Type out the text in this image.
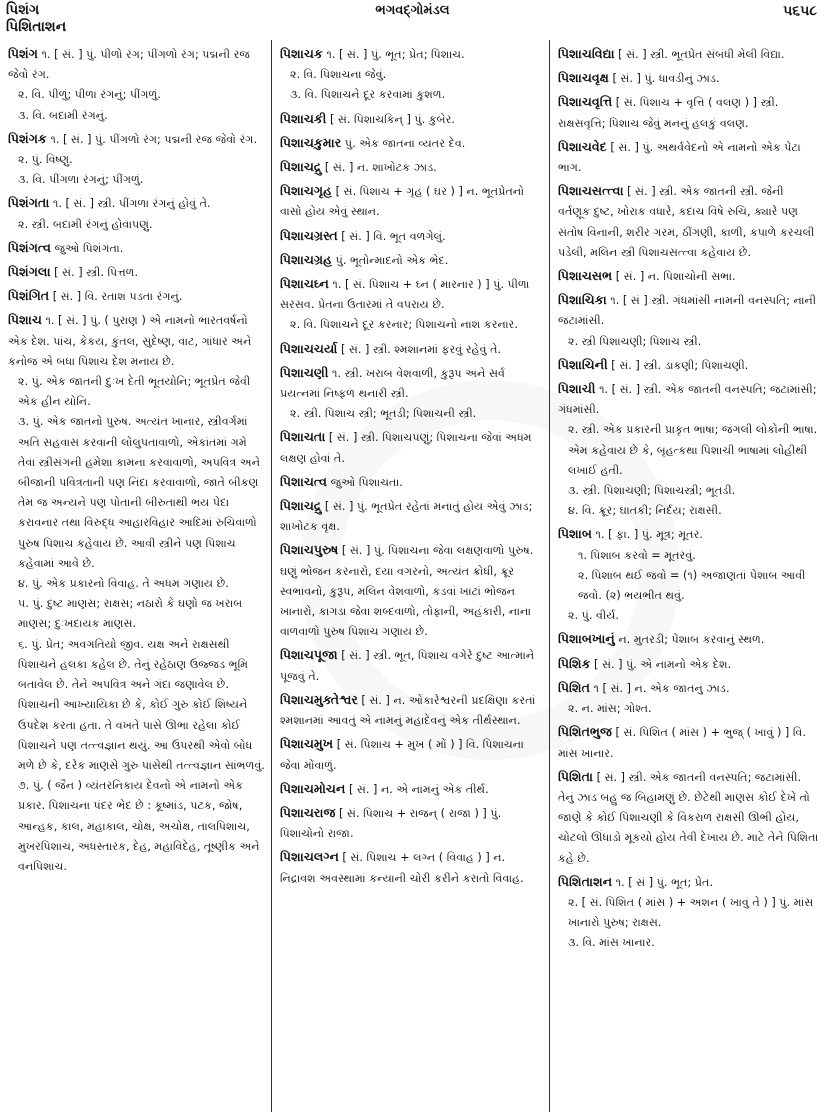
પિશંગ
પિશિતાશન
ભગવદ્ગોમંડલ	૫૬૫૮
પિશંગ ૧. [ સં. ] પું. પીળો રંગ; પીંગળો રંગ; પદ્મની રજ જેવો રંગ.
૨. વિ. પીળું; પીળા રંગનું; પીંગળું.
૩. વિ. બદામી રંગનું.
પિશંગક ૧. [ સં. ] પું. પીંગળો રંગ; પદ્મની રજ જેવો રંગ.
૨. પું. વિષ્ણુ.
૩. વિ. પીંગળા રંગનું; પીંગળું.
પિશંગતા ૧. [ સં. ] સ્ત્રી. પીંગળા રંગનું હોવું તે.
૨. સ્ત્રી. બદામી રંગનું હોવાપણું.
પિશંગત્વ જુઓ પિશંગતા.
પિશંગલા [ સં. ] સ્ત્રી. પિત્તળ.
પિશંગિત [ સં. ] વિ. રતાશ પડતા રંગનું.
પિશાચ ૧. [ સં. ] પું. ( પુરાણ ) એ નામનો ભારતવર્ષનો એક દેશ. પાંચ, કેકય, કુંતલ, સુદેષ્ણ, વાટ, ગાંધાર અને કનોજ એ બધા પિશાચ દેશ મનાય છે.
૨. પું. એક જાતની દુઃખ દેતી ભૂતયોનિ; ભૂતપ્રેત જેવી એક હીન યોનિ.
૩. પું. એક જાતનો પુરુષ. અત્યંત ખાનાર, સ્ત્રીવર્ગમાં અતિ સહવાસ કરવાની લોલુપતાવાળો, એકાંતમાં ગમે તેવા સ્ત્રીસંગની હમેશા કામના કરવાવાળો, અપવિત્ર અને બીજાની પવિત્રતાની પણ નિંદા કરવાવાળો, જાતે બીકણ તેમ જ અન્યને પણ પોતાની બીરુતાથી ભય પેદા કરાવનાર તથા વિરુદ્ધ આહારવિહાર આદિમાં રુચિવાળો પુરુષ પિશાચ કહેવાય છે. આવી સ્ત્રીને પણ પિશાચ કહેવામાં આવે છે.
૪. પું. એક પ્રકારનો વિવાહ. તે અધમ ગણાય છે.
૫. પું. દુષ્ટ માણસ; રાક્ષસ; નઠારો કે ઘણો જ ખરાબ માણસ; દુઃખદાયક માણસ.
૬. પું. પ્રેત; અવગતિયો જીવ. યક્ષ અને રાક્ષસથી પિશાચને હલકા કહેલ છે. તેનું રહેઠાણ ઉજ્જડ ભૂમિ બતાવેલ છે. તેને અપવિત્ર અને ગંદા જણાવેલ છે. પિશાચની આખ્યાયિકા છે કે, કોઈ ગુરુ કોઈ શિષ્યને ઉપદેશ કરતા હતા. તે વખતે પાસે ઊભા રહેલા કોઈ પિશાચને પણ તત્ત્વજ્ઞાન થયું. આ ઉપરથી એવો બોધ મળે છે કે, દરેક માણસે ગુરુ પાસેથી તત્ત્વજ્ઞાન સાંભળવું.
૭. પું. ( જૈન ) વ્યંતરનિકાય દેવનો એ નામનો એક પ્રકાર. પિશાચના પંદર ભેદ છે : કૂષ્માંડ, પટક, જોષ, આન્હક, કાલ, મહાકાલ, ચોક્ષ, અચોક્ષ, તાલપિશાચ, મુખરપિશાચ, અધસ્તારક, દેહ, મહાવિદેહ, તૂષ્ણીક અને વનપિશાચ.
પિશાચક ૧. [ સં. ] પું. ભૂત; પ્રેત; પિશાચ.
૨. વિ. પિશાચના જેવું.
૩. વિ. પિશાચને દૂર કરવામાં કુશળ.
પિશાચકી [ સં. પિશાચકિન્ ] પું. કુબેર.
પિશાચકુમાર પું. એક જાતના વ્યંતર દેવ.
પિશાચદ્રુ [ સં. ] ન. શાખોટક ઝાડ.
પિશાચગૃહ [ સં. પિશાચ + ગૃહ ( ઘર ) ] ન. ભૂતપ્રેતનો વાસો હોય એવું સ્થાન.
પિશાચગ્રસ્ત [ સં. ] વિ. ભૂત વળગેલું.
પિશાચગ્રહ પું. ભૂતોન્માદનો એક ભેદ.
પિશાચઘ્ન ૧. [ સં. પિશાચ + ઘ્ન ( મારનાર ) ] પું. પીળા સરસવ. પ્રેતના ઉતારમાં તે વપરાય છે.
૨. વિ. પિશાચને દૂર કરનાર; પિશાચનો નાશ કરનાર.
પિશાચચર્યા [ સં. ] સ્ત્રી. શ્મશાનમાં ફરવું રહેવું તે.
પિશાચણી ૧. સ્ત્રી. ખરાબ વેશવાળી, કુરૂપ અને સર્વ પ્રયત્નમાં નિષ્ફળ થનારી સ્ત્રી.
૨. સ્ત્રી. પિશાચ સ્ત્રી; ભૂતડી; પિશાચની સ્ત્રી.
પિશાચતા [ સં. ] સ્ત્રી. પિશાચપણું; પિશાચના જેવાં અધમ લક્ષણ હોવાં તે.
પિશાચત્વ જુઓ પિશાચતા.
પિશાચદ્રુ [ સં. ] પું. ભૂતપ્રેત રહેતાં મનાતું હોય એવું ઝાડ; શાખોટક વૃક્ષ.
પિશાચપુરુષ [ સં. ] પું. પિશાચના જેવા લક્ષણવાળો પુરુષ. ઘણું ભોજન કરનારો, દયા વગરનો, અત્યંત ક્રોધી, ક્રૂર સ્વભાવનો, કુરૂપ, મલિન વેશવાળો, કડવાં ખાટાં ભોજન ખાનારો, કાગડા જેવા શબ્દવાળો, તોફાની, અહંકારી, નાના વાળવાળો પુરુષ પિશાચ ગણાય છે.
પિશાચપૂજા [ સં. ] સ્ત્રી. ભૂત, પિશાચ વગેરે દુષ્ટ આત્માને પૂજવું તે.
પિશાચમુક્તેશ્વર [ સં. ] ન. ઓંકારેશ્વરની પ્રદક્ષિણા કરતાં શ્મશાનમાં આવતું એ નામનું મહાદેવનું એક તીર્થસ્થાન.
પિશાચમુખ [ સં. પિશાચ + મુખ ( મોં ) ] વિ. પિશાચના જેવા મોંવાળું.
પિશાચમોચન [ સં. ] ન. એ નામનું એક તીર્થ.
પિશાચરાજ [ સં. પિશાચ + રાજન્ ( રાજા ) ] પું. પિશાચોનો રાજા.
પિશાચલગ્ન [ સં. પિશાચ + લગ્ન ( વિવાહ ) ] ન. નિદ્રાવશ અવસ્થામાં કન્યાની ચોરી કરીને કરાતો વિવાહ.
પિશાચવિદ્યા [ સં. ] સ્ત્રી. ભૂતપ્રેત સંબંધી મેલી વિદ્યા.
પિશાચવૃક્ષ [ સં. ] પું. ધાવડીનું ઝાડ.
પિશાચવૃત્તિ [ સં. પિશાચ + વૃત્તિ ( વલણ ) ] સ્ત્રી. રાક્ષસવૃત્તિ; પિશાચ જેવું મનનું હલકું વલણ.
પિશાચવેદ [ સં. ] પું. અથર્વવેદનો એ નામનો એક પેટા ભાગ.
પિશાચસત્ત્વા [ સં. ] સ્ત્રી. એક જાતની સ્ત્રી. જેની વર્તણૂક દુષ્ટ, ખોરાક વધારે, કદાચ વિષે રુચિ, ક્યારે પણ સંતોષ વિનાની, શરીર ગરમ, ઠીંગણી, કાળી, કપાળે કરચલી પડેલી, મલિન સ્ત્રી પિશાચસત્ત્વા કહેવાય છે.
પિશાચસભ [ સં. ] ન. પિશાચોની સભા.
પિશાચિકા ૧. [ સં ] સ્ત્રી. ગંધમાંસી નામની વનસ્પતિ; નાની જટામાંસી.
૨. સ્ત્રી પિશાચણી; પિશાચ સ્ત્રી.
પિશાચિની [ સં. ] સ્ત્રી. ડાકણી; પિશાચણી.
પિશાચી ૧. [ સં. ] સ્ત્રી. એક જાતની વનસ્પતિ; જટામાંસી; ગંધમાંસી.
૨. સ્ત્રી. એક પ્રકારની પ્રાકૃત ભાષા; જંગલી લોકોની ભાષા. એમ કહેવાય છે કે, બૃહત્કથા પિશાચી ભાષામાં લોહીથી લખાઈ હતી.
૩. સ્ત્રી. પિશાચણી; પિશાચસ્ત્રી; ભૂતડી.
૪. વિ. ક્રૂર; ઘાતકી; નિર્દય; રાક્ષસી.
પિશાબ ૧. [ ફા. ] પું. મૂત્ર; મૂતર.
૧. પિશાબ કરવો = મૂતરવું.
૨. પિશાબ થઈ જવો = (૧) અજાણતાં પેશાબ આવી જવો. (૨) ભયભીત થવું.
૨. પું. વીર્ય.
પિશાબખાનું ન. મુતરડી; પેશાબ કરવાનું સ્થળ.
પિશિક [ સં. ] પું. એ નામનો એક દેશ.
પિશિત ૧ [ સં. ] ન. એક જાતનું ઝાડ.
૨. ન. માંસ; ગોશ્ત.
પિશિતભુજ [ સં. પિશિત ( માંસ ) + ભુજ્ ( ખાવું ) ] વિ. માંસ ખાનાર.
પિશિતા [ સં. ] સ્ત્રી. એક જાતની વનસ્પતિ; જટામાંસી. તેનું ઝાડ બહુ જ બિહામણું છે. છેટેથી માણસ કોઈ દેખે તો જાણે કે કોઈ પિશાચણી કે વિકરાળ રાક્ષસી ઊભી હોય, ચોટલો ઊંધાડો મૂકયો હોય તેવી દેખાય છે. માટે તેને પિશિતા કહે છે.
પિશિતાશન ૧. [ સં ] પું. ભૂત; પ્રેત.
૨. [ સં. પિશિત ( માંસ ) + અશન ( ખાવું તે ) ] પું. માંસ ખાનારો પુરુષ; રાક્ષસ.
૩. વિ. માંસ ખાનાર.
